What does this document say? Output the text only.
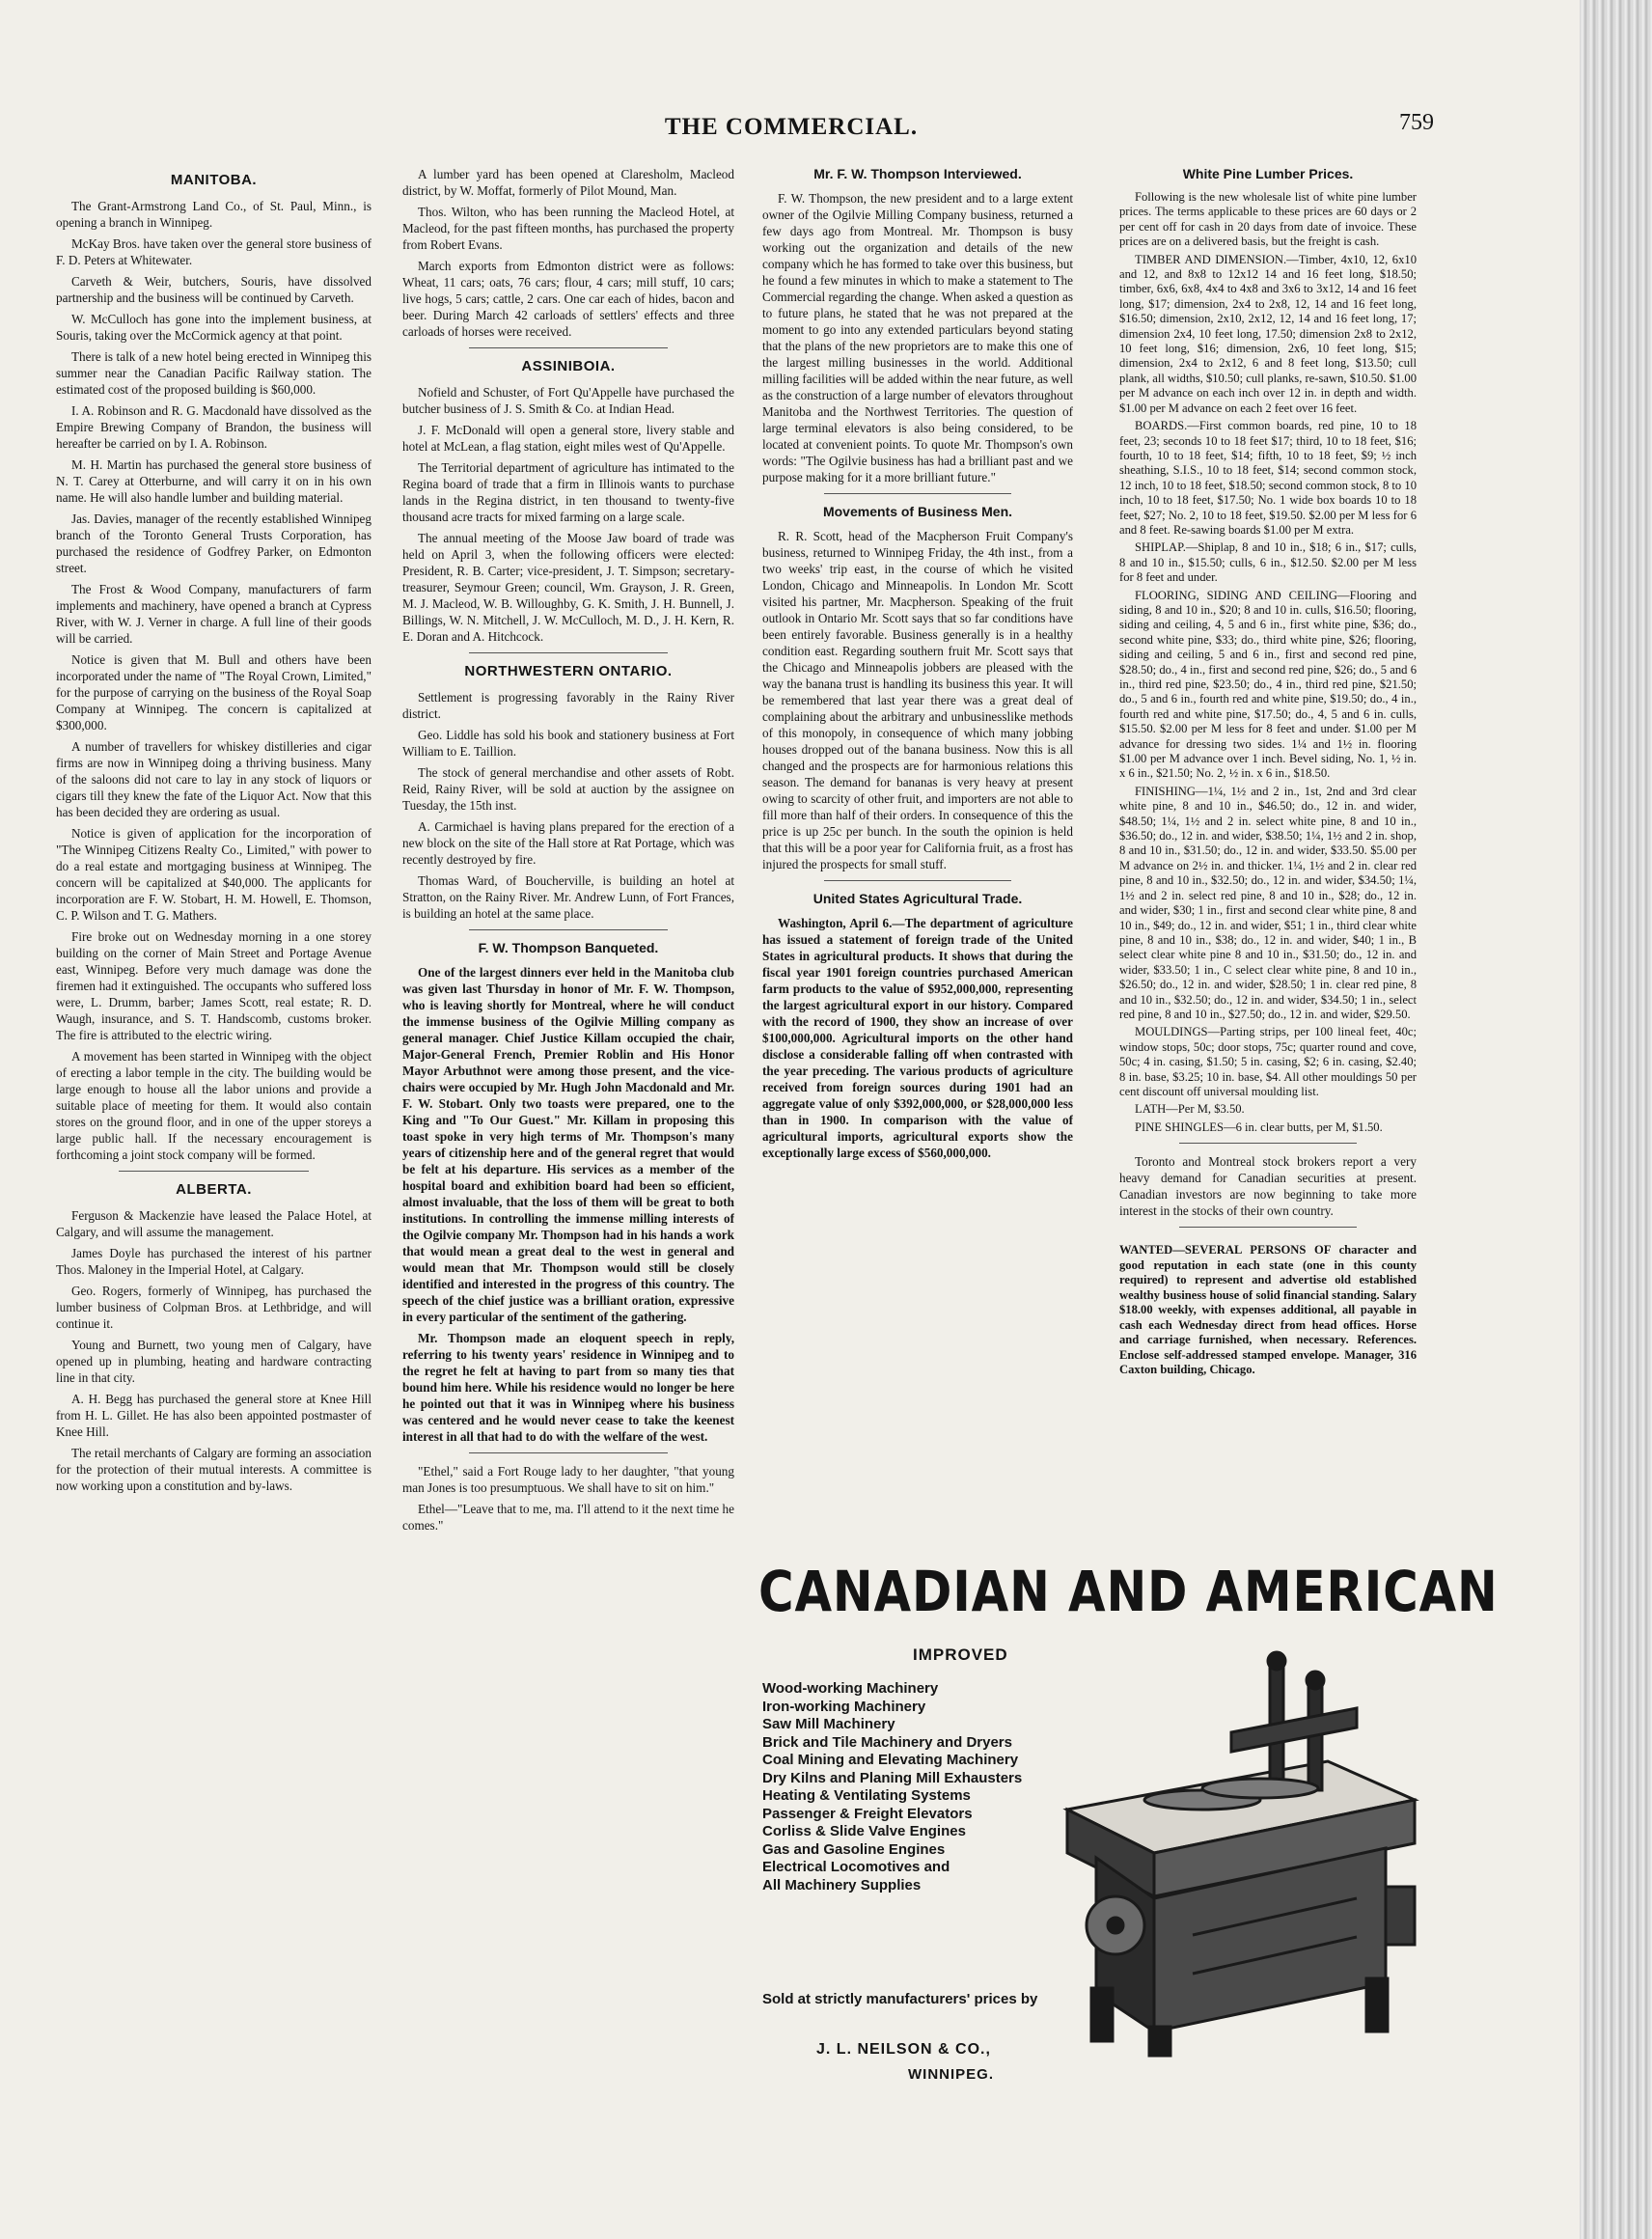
THE COMMERCIAL.	759
MANITOBA.

The Grant-Armstrong Land Co., of St. Paul, Minn., is opening a branch in Winnipeg.

McKay Bros. have taken over the general store business of F. D. Peters at Whitewater.

Carveth & Weir, butchers, Souris, have dissolved partnership and the business will be continued by Carveth.

W. McCulloch has gone into the implement business, at Souris, taking over the McCormick agency at that point.

There is talk of a new hotel being erected in Winnipeg this summer near the Canadian Pacific Railway station. The estimated cost of the proposed building is $60,000.

I. A. Robinson and R. G. Macdonald have dissolved as the Empire Brewing Company of Brandon, the business will hereafter be carried on by I. A. Robinson.

M. H. Martin has purchased the general store business of N. T. Carey at Otterburne, and will carry it on in his own name. He will also handle lumber and building material.

Jas. Davies, manager of the recently established Winnipeg branch of the Toronto General Trusts Corporation, has purchased the residence of Godfrey Parker, on Edmonton street.

The Frost & Wood Company, manufacturers of farm implements and machinery, have opened a branch at Cypress River, with W. J. Verner in charge. A full line of their goods will be carried.

Notice is given that M. Bull and others have been incorporated under the name of "The Royal Crown, Limited," for the purpose of carrying on the business of the Royal Soap Company at Winnipeg. The concern is capitalized at $300,000.

A number of travellers for whiskey distilleries and cigar firms are now in Winnipeg doing a thriving business. Many of the saloons did not care to lay in any stock of liquors or cigars till they knew the fate of the Liquor Act. Now that this has been decided they are ordering as usual.

Notice is given of application for the incorporation of "The Winnipeg Citizens Realty Co., Limited," with power to do a real estate and mortgaging business at Winnipeg. The concern will be capitalized at $40,000. The applicants for incorporation are F. W. Stobart, H. M. Howell, E. Thomson, C. P. Wilson and T. G. Mathers.

Fire broke out on Wednesday morning in a one storey building on the corner of Main Street and Portage Avenue east, Winnipeg. Before very much damage was done the firemen had it extinguished. The occupants who suffered loss were, L. Drumm, barber; James Scott, real estate; R. D. Waugh, insurance, and S. T. Handscomb, customs broker. The fire is attributed to the electric wiring.

A movement has been started in Winnipeg with the object of erecting a labor temple in the city. The building would be large enough to house all the labor unions and provide a suitable place of meeting for them. It would also contain stores on the ground floor, and in one of the upper storeys a large public hall. If the necessary encouragement is forthcoming a joint stock company will be formed.

ALBERTA.

Ferguson & Mackenzie have leased the Palace Hotel, at Calgary, and will assume the management.

James Doyle has purchased the interest of his partner Thos. Maloney in the Imperial Hotel, at Calgary.

Geo. Rogers, formerly of Winnipeg, has purchased the lumber business of Colpman Bros. at Lethbridge, and will continue it.

Young and Burnett, two young men of Calgary, have opened up in plumbing, heating and hardware contracting line in that city.

A. H. Begg has purchased the general store at Knee Hill from H. L. Gillet. He has also been appointed postmaster of Knee Hill.

The retail merchants of Calgary are forming an association for the protection of their mutual interests. A committee is now working upon a constitution and by-laws.

A lumber yard has been opened at Claresholm, Macleod district, by W. Moffat, formerly of Pilot Mound, Man.

Thos. Wilton, who has been running the Macleod Hotel, at Macleod, for the past fifteen months, has purchased the property from Robert Evans.

March exports from Edmonton district were as follows: Wheat, 11 cars; oats, 76 cars; flour, 4 cars; mill stuff, 10 cars; live hogs, 5 cars; cattle, 2 cars. One car each of hides, bacon and beer. During March 42 carloads of settlers' effects and three carloads of horses were received.

ASSINIBOIA.

Nofield and Schuster, of Fort Qu'Appelle have purchased the butcher business of J. S. Smith & Co. at Indian Head.

J. F. McDonald will open a general store, livery stable and hotel at McLean, a flag station, eight miles west of Qu'Appelle.

The Territorial department of agriculture has intimated to the Regina board of trade that a firm in Illinois wants to purchase lands in the Regina district, in ten thousand to twenty-five thousand acre tracts for mixed farming on a large scale.

The annual meeting of the Moose Jaw board of trade was held on April 3, when the following officers were elected: President, R. B. Carter; vice-president, J. T. Simpson; secretary-treasurer, Seymour Green; council, Wm. Grayson, J. R. Green, M. J. Macleod, W. B. Willoughby, G. K. Smith, J. H. Bunnell, J. Billings, W. N. Mitchell, J. W. McCulloch, M. D., J. H. Kern, R. E. Doran and A. Hitchcock.

NORTHWESTERN ONTARIO.

Settlement is progressing favorably in the Rainy River district.

Geo. Liddle has sold his book and stationery business at Fort William to E. Taillion.

The stock of general merchandise and other assets of Robt. Reid, Rainy River, will be sold at auction by the assignee on Tuesday, the 15th inst.

A. Carmichael is having plans prepared for the erection of a new block on the site of the Hall store at Rat Portage, which was recently destroyed by fire.

Thomas Ward, of Boucherville, is building an hotel at Stratton, on the Rainy River. Mr. Andrew Lunn, of Fort Frances, is building an hotel at the same place.

F. W. Thompson Banqueted.

One of the largest dinners ever held in the Manitoba club was given last Thursday in honor of Mr. F. W. Thompson, who is leaving shortly for Montreal, where he will conduct the immense business of the Ogilvie Milling company as general manager. Chief Justice Killam occupied the chair, Major-General French, Premier Roblin and His Honor Mayor Arbuthnot were among those present, and the vice-chairs were occupied by Mr. Hugh John Macdonald and Mr. F. W. Stobart. Only two toasts were prepared, one to the King and "To Our Guest." Mr. Killam in proposing this toast spoke in very high terms of Mr. Thompson's many years of citizenship here and of the general regret that would be felt at his departure. His services as a member of the hospital board and exhibition board had been so efficient, almost invaluable, that the loss of them will be great to both institutions. In controlling the immense milling interests of the Ogilvie company Mr. Thompson had in his hands a work that would mean a great deal to the west in general and would mean that Mr. Thompson would still be closely identified and interested in the progress of this country. The speech of the chief justice was a brilliant oration, expressive in every particular of the sentiment of the gathering.

Mr. Thompson made an eloquent speech in reply, referring to his twenty years' residence in Winnipeg and to the regret he felt at having to part from so many ties that bound him here. While his residence would no longer be here he pointed out that it was in Winnipeg where his business was centered and he would never cease to take the keenest interest in all that had to do with the welfare of the west.

"Ethel," said a Fort Rouge lady to her daughter, "that young man Jones is too presumptuous. We shall have to sit on him."

Ethel—"Leave that to me, ma. I'll attend to it the next time he comes."

Mr. F. W. Thompson Interviewed.

F. W. Thompson, the new president and to a large extent owner of the Ogilvie Milling Company business, returned a few days ago from Montreal. Mr. Thompson is busy working out the organization and details of the new company which he has formed to take over this business, but he found a few minutes in which to make a statement to The Commercial regarding the change. When asked a question as to future plans, he stated that he was not prepared at the moment to go into any extended particulars beyond stating that the plans of the new proprietors are to make this one of the largest milling businesses in the world. Additional milling facilities will be added within the near future, as well as the construction of a large number of elevators throughout Manitoba and the Northwest Territories. The question of large terminal elevators is also being considered, to be located at convenient points. To quote Mr. Thompson's own words: "The Ogilvie business has had a brilliant past and we purpose making for it a more brilliant future."

Movements of Business Men.

R. R. Scott, head of the Macpherson Fruit Company's business, returned to Winnipeg Friday, the 4th inst., from a two weeks' trip east, in the course of which he visited London, Chicago and Minneapolis. In London Mr. Scott visited his partner, Mr. Macpherson. Speaking of the fruit outlook in Ontario Mr. Scott says that so far conditions have been entirely favorable. Business generally is in a healthy condition east. Regarding southern fruit Mr. Scott says that the Chicago and Minneapolis jobbers are pleased with the way the banana trust is handling its business this year. It will be remembered that last year there was a great deal of complaining about the arbitrary and unbusinesslike methods of this monopoly, in consequence of which many jobbing houses dropped out of the banana business. Now this is all changed and the prospects are for harmonious relations this season. The demand for bananas is very heavy at present owing to scarcity of other fruit, and importers are not able to fill more than half of their orders. In consequence of this the price is up 25c per bunch. In the south the opinion is held that this will be a poor year for California fruit, as a frost has injured the prospects for small stuff.

United States Agricultural Trade.

Washington, April 6.—The department of agriculture has issued a statement of foreign trade of the United States in agricultural products. It shows that during the fiscal year 1901 foreign countries purchased American farm products to the value of $952,000,000, representing the largest agricultural export in our history. Compared with the record of 1900, they show an increase of over $100,000,000. Agricultural imports on the other hand disclose a considerable falling off when contrasted with the year preceding. The various products of agriculture received from foreign sources during 1901 had an aggregate value of only $392,000,000, or $28,000,000 less than in 1900. In comparison with the value of agricultural imports, agricultural exports show the exceptionally large excess of $560,000,000.

White Pine Lumber Prices.

Following is the new wholesale list of white pine lumber prices. The terms applicable to these prices are 60 days or 2 per cent off for cash in 20 days from date of invoice. These prices are on a delivered basis, but the freight is cash.

TIMBER AND DIMENSION.—Timber, 4x10, 12, 6x10 and 12, and 8x8 to 12x12 14 and 16 feet long, $18.50; timber, 6x6, 6x8, 4x4 to 4x8 and 3x6 to 3x12, 14 and 16 feet long, $17; dimension, 2x4 to 2x8, 12, 14 and 16 feet long, $16.50; dimension, 2x10, 2x12, 12, 14 and 16 feet long, 17; dimension 2x4, 10 feet long, 17.50; dimension 2x8 to 2x12, 10 feet long, $16; dimension, 2x6, 10 feet long, $15; dimension, 2x4 to 2x12, 6 and 8 feet long, $13.50; cull plank, all widths, $10.50; cull planks, re-sawn, $10.50. $1.00 per M advance on each inch over 12 in. in depth and width. $1.00 per M advance on each 2 feet over 16 feet.

BOARDS.—First common boards, red pine, 10 to 18 feet, 23; seconds 10 to 18 feet $17; third, 10 to 18 feet, $16; fourth, 10 to 18 feet, $14; fifth, 10 to 18 feet, $9; ½ inch sheathing, S.I.S., 10 to 18 feet, $14; second common stock, 12 inch, 10 to 18 feet, $18.50; second common stock, 8 to 10 inch, 10 to 18 feet, $17.50; No. 1 wide box boards 10 to 18 feet, $27; No. 2, 10 to 18 feet, $19.50. $2.00 per M less for 6 and 8 feet. Re-sawing boards $1.00 per M extra.

SHIPLAP.—Shiplap, 8 and 10 in., $18; 6 in., $17; culls, 8 and 10 in., $15.50; culls, 6 in., $12.50. $2.00 per M less for 8 feet and under.

FLOORING, SIDING AND CEILING—Flooring and siding, 8 and 10 in., $20; 8 and 10 in. culls, $16.50; flooring, siding and ceiling, 4, 5 and 6 in., first white pine, $36; do., second white pine, $33; do., third white pine, $26; flooring, siding and ceiling, 5 and 6 in., first and second red pine, $28.50; do., 4 in., first and second red pine, $26; do., 5 and 6 in., third red pine, $23.50; do., 4 in., third red pine, $21.50; do., 5 and 6 in., fourth red and white pine, $19.50; do., 4 in., fourth red and white pine, $17.50; do., 4, 5 and 6 in. culls, $15.50. $2.00 per M less for 8 feet and under. $1.00 per M advance for dressing two sides. 1¼ and 1½ in. flooring $1.00 per M advance over 1 inch. Bevel siding, No. 1, ½ in. x 6 in., $21.50; No. 2, ½ in. x 6 in., $18.50.

FINISHING—1¼, 1½ and 2 in., 1st, 2nd and 3rd clear white pine, 8 and 10 in., $46.50; do., 12 in. and wider, $48.50; 1¼, 1½ and 2 in. select white pine, 8 and 10 in., $36.50; do., 12 in. and wider, $38.50; 1¼, 1½ and 2 in. shop, 8 and 10 in., $31.50; do., 12 in. and wider, $33.50. $5.00 per M advance on 2½ in. and thicker. 1¼, 1½ and 2 in. clear red pine, 8 and 10 in., $32.50; do., 12 in. and wider, $34.50; 1¼, 1½ and 2 in. select red pine, 8 and 10 in., $28; do., 12 in. and wider, $30; 1 in., first and second clear white pine, 8 and 10 in., $49; do., 12 in. and wider, $51; 1 in., third clear white pine, 8 and 10 in., $38; do., 12 in. and wider, $40; 1 in., B select clear white pine 8 and 10 in., $31.50; do., 12 in. and wider, $33.50; 1 in., C select clear white pine, 8 and 10 in., $26.50; do., 12 in. and wider, $28.50; 1 in. clear red pine, 8 and 10 in., $32.50; do., 12 in. and wider, $34.50; 1 in., select red pine, 8 and 10 in., $27.50; do., 12 in. and wider, $29.50.

MOULDINGS—Parting strips, per 100 lineal feet, 40c; window stops, 50c; door stops, 75c; quarter round and cove, 50c; 4 in. casing, $1.50; 5 in. casing, $2; 6 in. casing, $2.40; 8 in. base, $3.25; 10 in. base, $4. All other mouldings 50 per cent discount off universal moulding list.

LATH—Per M, $3.50.

PINE SHINGLES—6 in. clear butts, per M, $1.50.

Toronto and Montreal stock brokers report a very heavy demand for Canadian securities at present. Canadian investors are now beginning to take more interest in the stocks of their own country.

WANTED—SEVERAL PERSONS OF character and good reputation in each state (one in this county required) to represent and advertise old established wealthy business house of solid financial standing. Salary $18.00 weekly, with expenses additional, all payable in cash each Wednesday direct from head offices. Horse and carriage furnished, when necessary. References. Enclose self-addressed stamped envelope. Manager, 316 Caxton building, Chicago.

CANADIAN AND AMERICAN
IMPROVED
Wood-working Machinery
Iron-working Machinery
Saw Mill Machinery
Brick and Tile Machinery and Dryers
Coal Mining and Elevating Machinery
Dry Kilns and Planing Mill Exhausters
Heating & Ventilating Systems
Passenger & Freight Elevators
Corliss & Slide Valve Engines
Gas and Gasoline Engines
Electrical Locomotives and
All Machinery Supplies
Sold at strictly manufacturers' prices by
J. L. NEILSON & CO.,
WINNIPEG.
